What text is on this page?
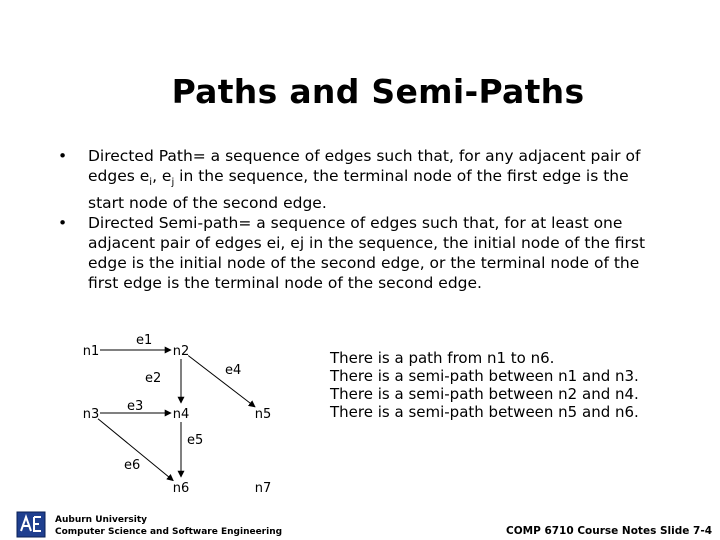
Paths and Semi-Paths
• Directed Path= a sequence of edges such that, for any adjacent pair of edges $e_i$, $e_j$ in the sequence, the terminal node of the first edge is the start node of the second edge.
• Directed Semi-path= a sequence of edges such that, for at least one adjacent pair of edges ei, ej in the sequence, the initial node of the first edge is the initial node of the second edge, or the terminal node of the first edge is the terminal node of the second edge.
e1
e2
e3
e4
e5
e6
n1	n2
n3	n4	n5
n6	n7
There is a path from n1 to n6.
There is a semi-path between n1 and n3.
There is a semi-path between n2 and n4.
There is a semi-path between n5 and n6.
Auburn University
Computer Science and Software Engineering	COMP 6710 Course Notes Slide 7-4
